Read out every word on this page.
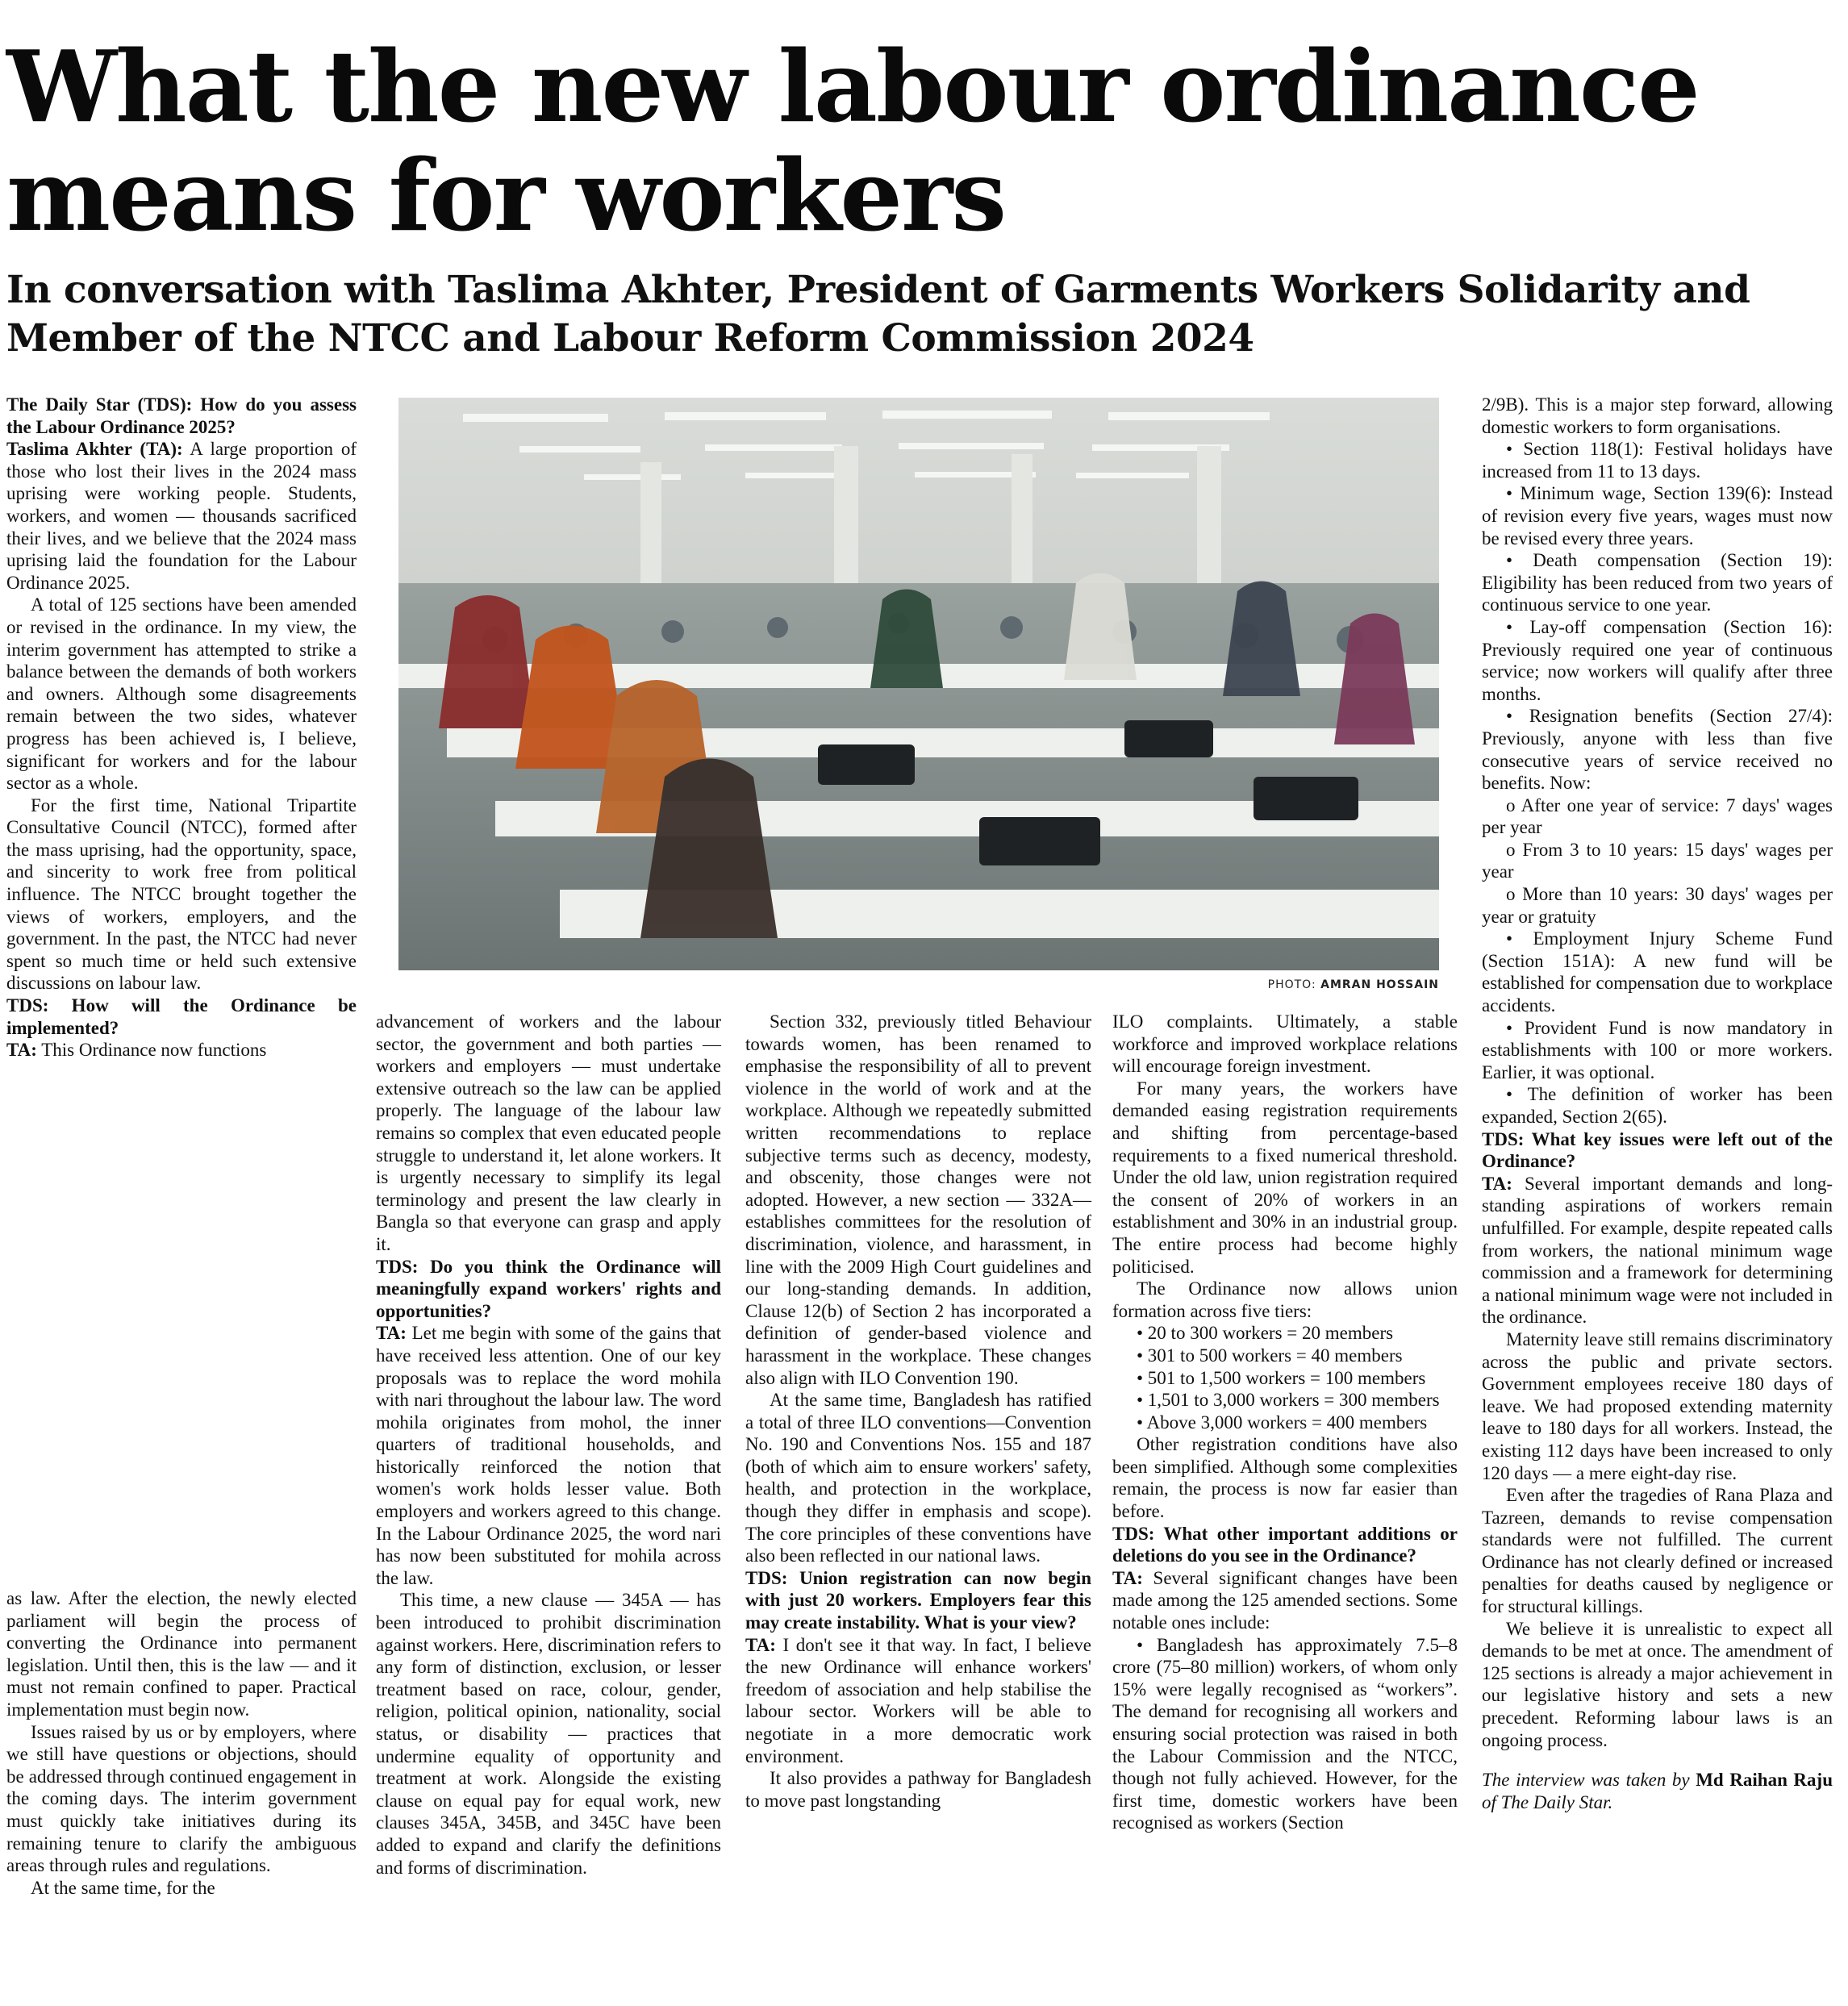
What the new labour ordinance means for workers
In conversation with Taslima Akhter, President of Garments Workers Solidarity and Member of the NTCC and Labour Reform Commission 2024

The Daily Star (TDS): How do you assess the Labour Ordinance 2025?

Taslima Akhter (TA): A large proportion of those who lost their lives in the 2024 mass uprising were working people. Students, workers, and women — thousands sacrificed their lives, and we believe that the 2024 mass uprising laid the foundation for the Labour Ordinance 2025.

A total of 125 sections have been amended or revised in the ordinance. In my view, the interim government has attempted to strike a balance between the demands of both workers and owners. Although some disagreements remain between the two sides, whatever progress has been achieved is, I believe, significant for workers and for the labour sector as a whole.

For the first time, National Tripartite Consultative Council (NTCC), formed after the mass uprising, had the opportunity, space, and sincerity to work free from political influence. The NTCC brought together the views of workers, employers, and the government. In the past, the NTCC had never spent so much time or held such extensive discussions on labour law.

TDS: How will the Ordinance be implemented?

TA: This Ordinance now functions

PHOTO: AMRAN HOSSAIN

as law. After the election, the newly elected parliament will begin the process of converting the Ordinance into permanent legislation. Until then, this is the law — and it must not remain confined to paper. Practical implementation must begin now.

Issues raised by us or by employers, where we still have questions or objections, should be addressed through continued engagement in the coming days. The interim government must quickly take initiatives during its remaining tenure to clarify the ambiguous areas through rules and regulations.

At the same time, for the

advancement of workers and the labour sector, the government and both parties — workers and employers — must undertake extensive outreach so the law can be applied properly. The language of the labour law remains so complex that even educated people struggle to understand it, let alone workers. It is urgently necessary to simplify its legal terminology and present the law clearly in Bangla so that everyone can grasp and apply it.

TDS: Do you think the Ordinance will meaningfully expand workers' rights and opportunities?

TA: Let me begin with some of the gains that have received less attention. One of our key proposals was to replace the word mohila with nari throughout the labour law. The word mohila originates from mohol, the inner quarters of traditional households, and historically reinforced the notion that women's work holds lesser value. Both employers and workers agreed to this change. In the Labour Ordinance 2025, the word nari has now been substituted for mohila across the law.

This time, a new clause — 345A — has been introduced to prohibit discrimination against workers. Here, discrimination refers to any form of distinction, exclusion, or lesser treatment based on race, colour, gender, religion, political opinion, nationality, social status, or disability — practices that undermine equality of opportunity and treatment at work. Alongside the existing clause on equal pay for equal work, new clauses 345A, 345B, and 345C have been added to expand and clarify the definitions and forms of discrimination.

Section 332, previously titled Behaviour towards women, has been renamed to emphasise the responsibility of all to prevent violence in the world of work and at the workplace. Although we repeatedly submitted written recommendations to replace subjective terms such as decency, modesty, and obscenity, those changes were not adopted. However, a new section — 332A— establishes committees for the resolution of discrimination, violence, and harassment, in line with the 2009 High Court guidelines and our long-standing demands. In addition, Clause 12(b) of Section 2 has incorporated a definition of gender-based violence and harassment in the workplace. These changes also align with ILO Convention 190.

At the same time, Bangladesh has ratified a total of three ILO conventions—Convention No. 190 and Conventions Nos. 155 and 187 (both of which aim to ensure workers' safety, health, and protection in the workplace, though they differ in emphasis and scope). The core principles of these conventions have also been reflected in our national laws.

TDS: Union registration can now begin with just 20 workers. Employers fear this may create instability. What is your view?

TA: I don't see it that way. In fact, I believe the new Ordinance will enhance workers' freedom of association and help stabilise the labour sector. Workers will be able to negotiate in a more democratic work environment.

It also provides a pathway for Bangladesh to move past longstanding

ILO complaints. Ultimately, a stable workforce and improved workplace relations will encourage foreign investment.

For many years, the workers have demanded easing registration requirements and shifting from percentage-based requirements to a fixed numerical threshold. Under the old law, union registration required the consent of 20% of workers in an establishment and 30% in an industrial group. The entire process had become highly politicised.

The Ordinance now allows union formation across five tiers:

• 20 to 300 workers = 20 members

• 301 to 500 workers = 40 members

• 501 to 1,500 workers = 100 members

• 1,501 to 3,000 workers = 300 members

• Above 3,000 workers = 400 members

Other registration conditions have also been simplified. Although some complexities remain, the process is now far easier than before.

TDS: What other important additions or deletions do you see in the Ordinance?

TA: Several significant changes have been made among the 125 amended sections. Some notable ones include:

• Bangladesh has approximately 7.5–8 crore (75–80 million) workers, of whom only 15% were legally recognised as “workers”. The demand for recognising all workers and ensuring social protection was raised in both the Labour Commission and the NTCC, though not fully achieved. However, for the first time, domestic workers have been recognised as workers (Section

2/9B). This is a major step forward, allowing domestic workers to form organisations.

• Section 118(1): Festival holidays have increased from 11 to 13 days.

• Minimum wage, Section 139(6): Instead of revision every five years, wages must now be revised every three years.

• Death compensation (Section 19): Eligibility has been reduced from two years of continuous service to one year.

• Lay-off compensation (Section 16): Previously required one year of continuous service; now workers will qualify after three months.

• Resignation benefits (Section 27/4): Previously, anyone with less than five consecutive years of service received no benefits. Now:

o After one year of service: 7 days' wages per year

o From 3 to 10 years: 15 days' wages per year

o More than 10 years: 30 days' wages per year or gratuity

• Employment Injury Scheme Fund (Section 151A): A new fund will be established for compensation due to workplace accidents.

• Provident Fund is now mandatory in establishments with 100 or more workers. Earlier, it was optional.

• The definition of worker has been expanded, Section 2(65).

TDS: What key issues were left out of the Ordinance?

TA: Several important demands and long-standing aspirations of workers remain unfulfilled. For example, despite repeated calls from workers, the national minimum wage commission and a framework for determining a national minimum wage were not included in the ordinance.

Maternity leave still remains discriminatory across the public and private sectors. Government employees receive 180 days of leave. We had proposed extending maternity leave to 180 days for all workers. Instead, the existing 112 days have been increased to only 120 days — a mere eight-day rise.

Even after the tragedies of Rana Plaza and Tazreen, demands to revise compensation standards were not fulfilled. The current Ordinance has not clearly defined or increased penalties for deaths caused by negligence or for structural killings.

We believe it is unrealistic to expect all demands to be met at once. The amendment of 125 sections is already a major achievement in our legislative history and sets a new precedent. Reforming labour laws is an ongoing process.

The interview was taken by Md Raihan Raju of The Daily Star.
